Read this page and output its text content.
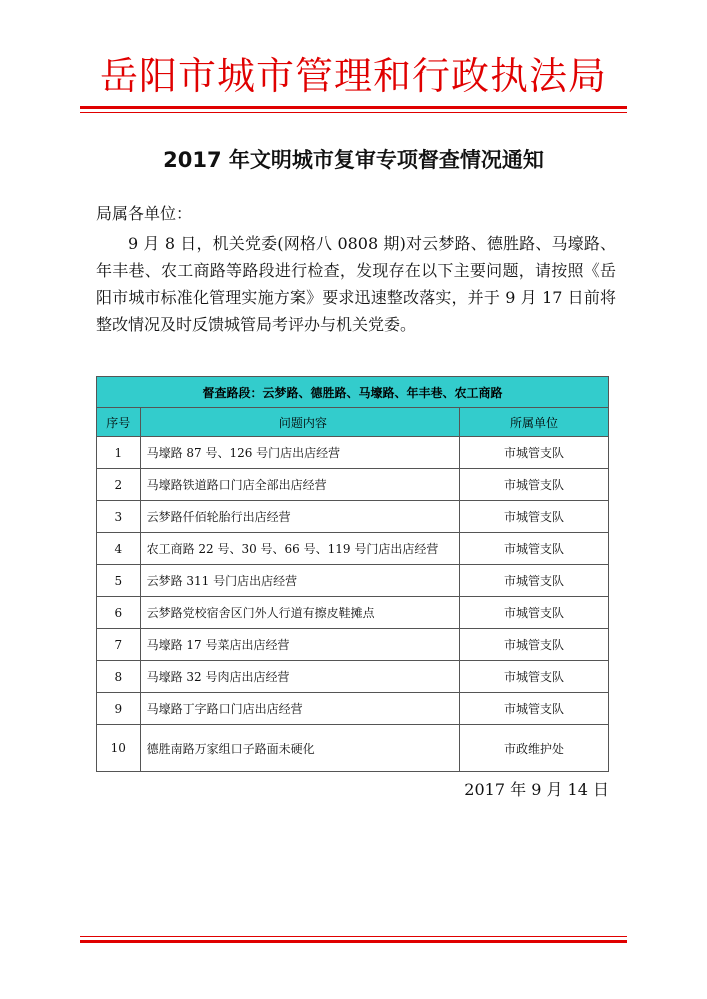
岳阳市城市管理和行政执法局
2017 年文明城市复审专项督查情况通知
局属各单位：
9 月 8 日，机关党委(网格八 0808 期)对云梦路、德胜路、马壕路、年丰巷、农工商路等路段进行检查，发现存在以下主要问题，请按照《岳阳市城市标准化管理实施方案》要求迅速整改落实，并于 9 月 17 日前将整改情况及时反馈城管局考评办与机关党委。
督查路段：云梦路、德胜路、马壕路、年丰巷、农工商路		
序号	问题内容	所属单位
1	马壕路 87 号、126 号门店出店经营	市城管支队
2	马壕路铁道路口门店全部出店经营	市城管支队
3	云梦路仟佰轮胎行出店经营	市城管支队
4	农工商路 22 号、30 号、66 号、119 号门店出店经营	市城管支队
5	云梦路 311 号门店出店经营	市城管支队
6	云梦路党校宿舍区门外人行道有擦皮鞋摊点	市城管支队
7	马壕路 17 号菜店出店经营	市城管支队
8	马壕路 32 号肉店出店经营	市城管支队
9	马壕路丁字路口门店出店经营	市城管支队
10	德胜南路万家组口子路面未硬化	市政维护处
2017 年 9 月 14 日
